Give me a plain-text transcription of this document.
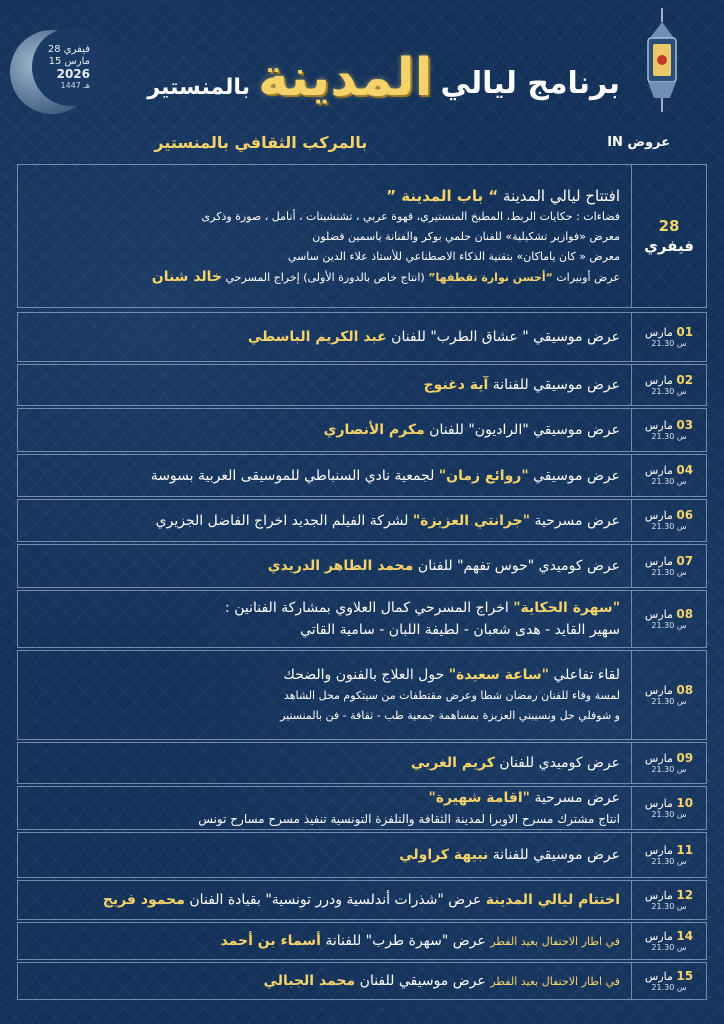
28 فيفري
15 مارس
2026
1447 هـ	برنامج ليالي
المدينة
بالمنستير
عروض IN
بالمركب الثقافي بالمنستير
28
فيفري
افتتاح ليالي المدينة “ باب المدينة ”
فضاءات : حكايات الربط، المطبخ المنستيري، قهوة عربي ، تشنشينات ، أنامل ، صورة وذكرى
معرض «فوازير تشكيلية» للفنان حلمي بوكر والفنانة ياسمين فضلون
معرض « كان ياماكان» بتقنية الذكاء الاصطناعي للأستاذ علاء الدين ساسي
عرض أوبيرات “أحسن نوارة تقطفها” (انتاج خاص بالدورة الأولى) إخراج المسرحي خالد شنان
01 مارس
س 21.30
عرض موسيقي " عشاق الطرب" للفنان عبد الكريم الباسطي
02 مارس
س 21.30
عرض موسيقي للفنانة آية دغنوج
03 مارس
س 21.30
عرض موسيقي "الراديون" للفنان مكرم الأنصاري
04 مارس
س 21.30
عرض موسيقي "روائع زمان" لجمعية نادي السنباطي للموسيقى العربية بسوسة
06 مارس
س 21.30
عرض مسرحية "جرانتي العزيزة" لشركة الفيلم الجديد اخراج الفاضل الجزيري
07 مارس
س 21.30
عرض كوميدي "حوس تفهم" للفنان محمد الطاهر الدريدي
08 مارس
س 21.30
"سهرة الحكاية" اخراج المسرحي كمال العلاوي بمشاركة الفنانين :
سهير القايد - هدى شعبان - لطيفة اللبان - سامية القاتي
08 مارس
س 21.30
لقاء تفاعلي "ساعة سعيدة" حول العلاج بالفنون والضحك
لمسة وفاء للفنان رمضان شطا وعرض مقتطفات من سيتكوم محل الشاهد
و شوفلي حل ونسيبتي العزيزة بمساهمة جمعية طب - ثقافة - فن بالمنستير
09 مارس
س 21.30
عرض كوميدي للفنان كريم الغربي
10 مارس
س 21.30
عرض مسرحية "اقامة شهيرة"
انتاج مشترك مسرح الاوبرا لمدينة الثقافة والتلفزة التونسية تنفيذ مسرح مسارح تونس
11 مارس
س 21.30
عرض موسيقي للفنانة نبيهة كراولي
12 مارس
س 21.30
اختتام ليالي المدينة عرض "شذرات أندلسية ودرر تونسية" بقيادة الفنان محمود فريج
14 مارس
س 21.30
في اطار الاحتفال بعيد الفطر عرض "سهرة طرب" للفنانة أسماء بن أحمد
15 مارس
س 21.30
في اطار الاحتفال بعيد الفطر عرض موسيقي للفنان محمد الجبالي
